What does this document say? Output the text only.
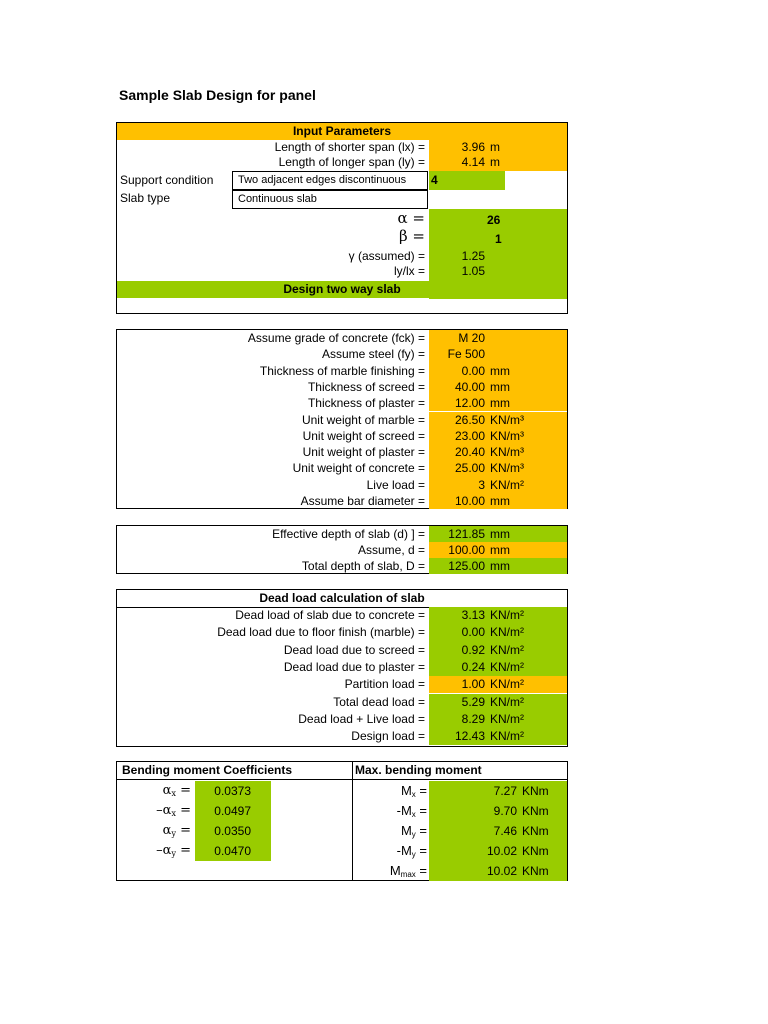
Sample Slab Design for panel
Input Parameters
Length of shorter span (lx) =	3.96 m
Length of longer span (ly) =	4.14 m
Support condition	Two adjacent edges discontinuous	4
Slab type	Continuous slab
α =	26
β =	1
γ (assumed) =	1.25
ly/lx =	1.05
Design two way slab
Assume grade of concrete (fck) =	M 20
Assume steel (fy) = Fe 500
Thickness of marble finishing =	0.00 mm
Thickness of screed = 40.00 mm
Thickness of plaster = 12.00 mm
Unit weight of marble = 26.50 KN/m³
Unit weight of screed = 23.00 KN/m³
Unit weight of plaster = 20.40 KN/m³
Unit weight of concrete = 25.00 KN/m³
Live load =	3 KN/m²
Assume bar diameter = 10.00 mm
Effective depth of slab (d) ] = 121.85 mm
Assume, d = 100.00 mm
Total depth of slab, D = 125.00 mm
Dead load calculation of slab
Dead load of slab due to concrete =	3.13 KN/m²
Dead load due to floor finish (marble) =	0.00 KN/m²
Dead load due to screed =	0.92 KN/m²
Dead load due to plaster =	0.24 KN/m²
Partition load =	1.00 KN/m²
Total dead load =	5.29 KN/m²
Dead load + Live load =	8.29 KN/m²
Design load = 12.43 KN/m²
Bending moment Coefficients	Max. bending moment
$\alpha_x$ =	0.0373
$-\alpha_x$ =	0.0497
$\alpha_y$ =	0.0350
$-\alpha_y$ =	0.0470
$M_x$ =	7.27 KNm
$-M_x$ =	9.70 KNm
$M_y$ =	7.46 KNm
$-M_y$ =	10.02 KNm
$M_{max}$ =	10.02 KNm
